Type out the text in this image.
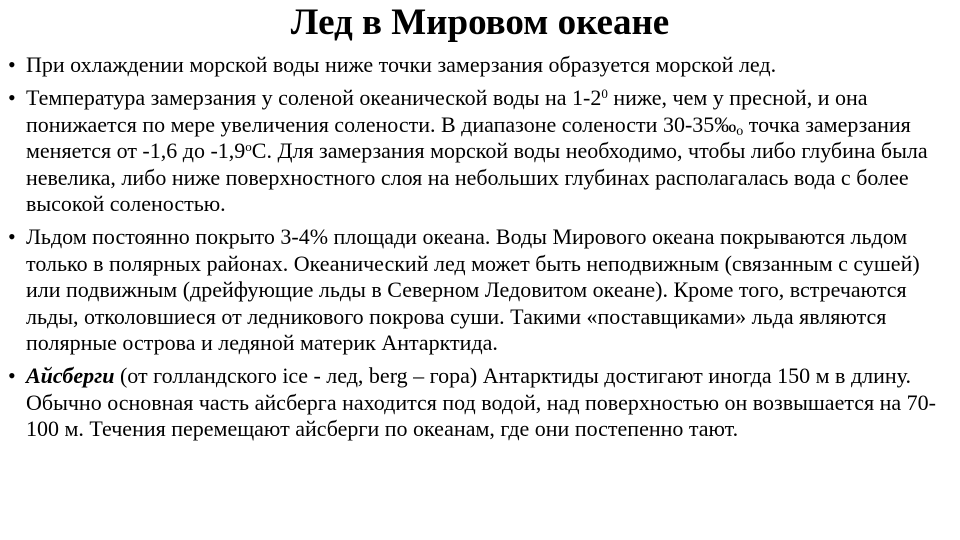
Лед в Мировом океане
• При охлаждении морской воды ниже точки замерзания образуется морской лед.
• Температура замерзания у соленой океанической воды на $1-2^0$ ниже, чем у пресной, и она понижается по мере увеличения солености. В диапазоне солености $30-35‰_o$ точка замерзания меняется от -1,6 до -1,9$^o$С. Для замерзания морской воды необходимо, чтобы либо глубина была невелика, либо ниже поверхностного слоя на небольших глубинах располагалась вода с более высокой соленостью.
• Льдом постоянно покрыто 3-4% площади океана. Воды Мирового океана покрываются льдом только в полярных районах. Океанический лед может быть неподвижным (связанным с сушей) или подвижным (дрейфующие льды в Северном Ледовитом океане). Кроме того, встречаются льды, отколовшиеся от ледникового покрова суши. Такими «поставщиками» льда являются полярные острова и ледяной материк Антарктида.
• Айсберги (от голландского ice - лед, berg – гора) Антарктиды достигают иногда 150 м в длину. Обычно основная часть айсберга находится под водой, над поверхностью он возвышается на 70-100 м. Течения перемещают айсберги по океанам, где они постепенно тают.
